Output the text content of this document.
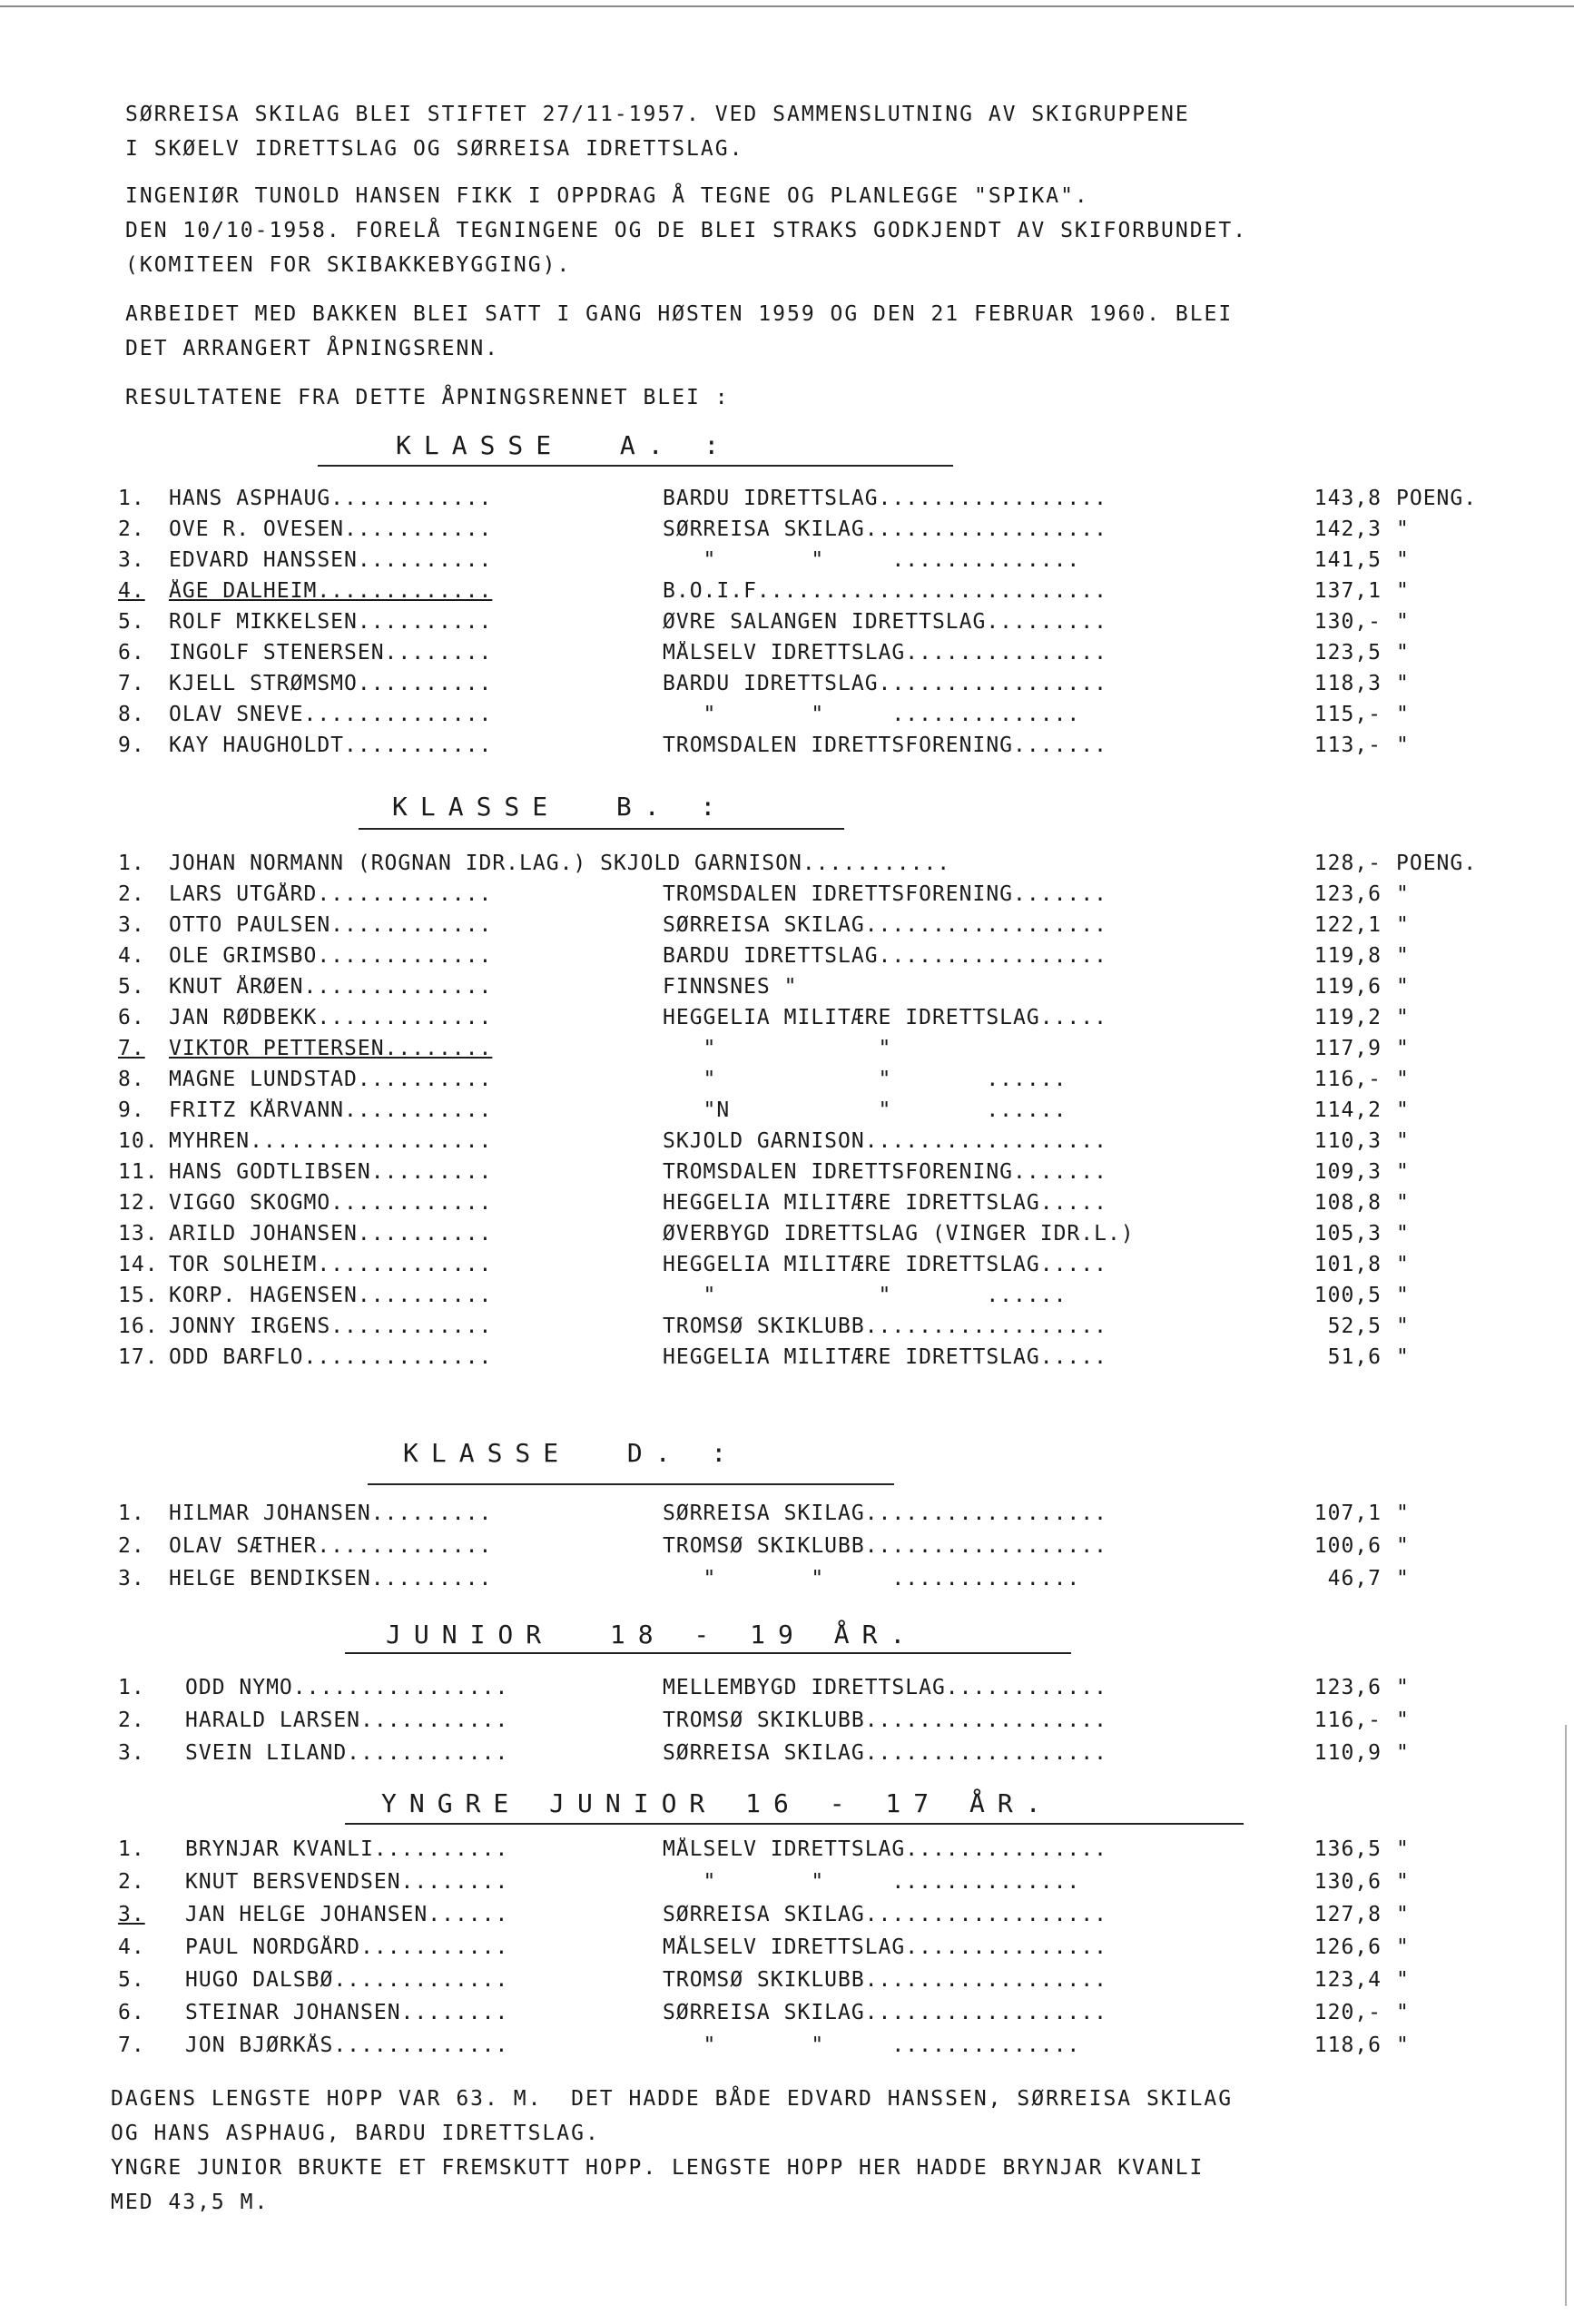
SØRREISA SKILAG BLEI STIFTET 27/11-1957. VED SAMMENSLUTNING AV SKIGRUPPENE
I SKØELV IDRETTSLAG OG SØRREISA IDRETTSLAG.
INGENIØR TUNOLD HANSEN FIKK I OPPDRAG Å TEGNE OG PLANLEGGE "SPIKA".
DEN 10/10-1958. FORELÅ TEGNINGENE OG DE BLEI STRAKS GODKJENDT AV SKIFORBUNDET.
(KOMITEEN FOR SKIBAKKEBYGGING).
ARBEIDET MED BAKKEN BLEI SATT I GANG HØSTEN 1959 OG DEN 21 FEBRUAR 1960. BLEI
DET ARRANGERT ÅPNINGSRENN.
RESULTATENE FRA DETTE ÅPNINGSRENNET BLEI :
KLASSE  A. :
1. HANS ASPHAUG............	BARDU IDRETTSLAG.................	143,8 POENG.
2. OVE R. OVESEN...........	SØRREISA SKILAG..................	142,3 "
3. EDVARD HANSSEN..........	"       "     ..............	141,5 "
4. ÅGE DALHEIM.............	B.O.I.F..........................	137,1 "
5. ROLF MIKKELSEN..........	ØVRE SALANGEN IDRETTSLAG.........	130,- "
6. INGOLF STENERSEN........	MÅLSELV IDRETTSLAG...............	123,5 "
7. KJELL STRØMSMO..........	BARDU IDRETTSLAG.................	118,3 "
8. OLAV SNEVE..............	"       "     ..............	115,- "
9. KAY HAUGHOLDT...........	TROMSDALEN IDRETTSFORENING.......	113,- "
KLASSE  B. :
1. JOHAN NORMANN (ROGNAN IDR.LAG.) SKJOLD GARNISON...........	128,- POENG.
2. LARS UTGÅRD.............	TROMSDALEN IDRETTSFORENING.......	123,6 "
3. OTTO PAULSEN............	SØRREISA SKILAG..................	122,1 "
4. OLE GRIMSBO.............	BARDU IDRETTSLAG.................	119,8 "
5. KNUT ÅRØEN..............	FINNSNES "	119,6 "
6. JAN RØDBEKK.............	HEGGELIA MILITÆRE IDRETTSLAG.....	119,2 "
7. VIKTOR PETTERSEN........	"            "	117,9 "
8. MAGNE LUNDSTAD..........	"            "       ......	116,- "
9. FRITZ KÅRVANN...........	"N           "       ......	114,2 "
10. MYHREN..................	SKJOLD GARNISON..................	110,3 "
11. HANS GODTLIBSEN.........	TROMSDALEN IDRETTSFORENING.......	109,3 "
12. VIGGO SKOGMO............	HEGGELIA MILITÆRE IDRETTSLAG.....	108,8 "
13. ARILD JOHANSEN..........	ØVERBYGD IDRETTSLAG (VINGER IDR.L.)	105,3 "
14. TOR SOLHEIM.............	HEGGELIA MILITÆRE IDRETTSLAG.....	101,8 "
15. KORP. HAGENSEN..........	"            "       ......	100,5 "
16. JONNY IRGENS............	TROMSØ SKIKLUBB..................	52,5 "
17. ODD BARFLO..............	HEGGELIA MILITÆRE IDRETTSLAG.....	51,6 "
KLASSE  D. :
1. HILMAR JOHANSEN.........	SØRREISA SKILAG..................	107,1 "
2. OLAV SÆTHER.............	TROMSØ SKIKLUBB..................	100,6 "
3. HELGE BENDIKSEN.........	"       "     ..............	46,7 "
JUNIOR  18 - 19 ÅR.
1. ODD NYMO................	MELLEMBYGD IDRETTSLAG............	123,6 "
2. HARALD LARSEN...........	TROMSØ SKIKLUBB..................	116,- "
3. SVEIN LILAND............	SØRREISA SKILAG..................	110,9 "
YNGRE JUNIOR 16 - 17 ÅR.
1. BRYNJAR KVANLI..........	MÅLSELV IDRETTSLAG...............	136,5 "
2. KNUT BERSVENDSEN........	"       "     ..............	130,6 "
3. JAN HELGE JOHANSEN......	SØRREISA SKILAG..................	127,8 "
4. PAUL NORDGÅRD...........	MÅLSELV IDRETTSLAG...............	126,6 "
5. HUGO DALSBØ.............	TROMSØ SKIKLUBB..................	123,4 "
6. STEINAR JOHANSEN........	SØRREISA SKILAG..................	120,- "
7. JON BJØRKÅS.............	"       "     ..............	118,6 "
DAGENS LENGSTE HOPP VAR 63. M.  DET HADDE BÅDE EDVARD HANSSEN, SØRREISA SKILAG
OG HANS ASPHAUG, BARDU IDRETTSLAG.
YNGRE JUNIOR BRUKTE ET FREMSKUTT HOPP. LENGSTE HOPP HER HADDE BRYNJAR KVANLI
MED 43,5 M.
